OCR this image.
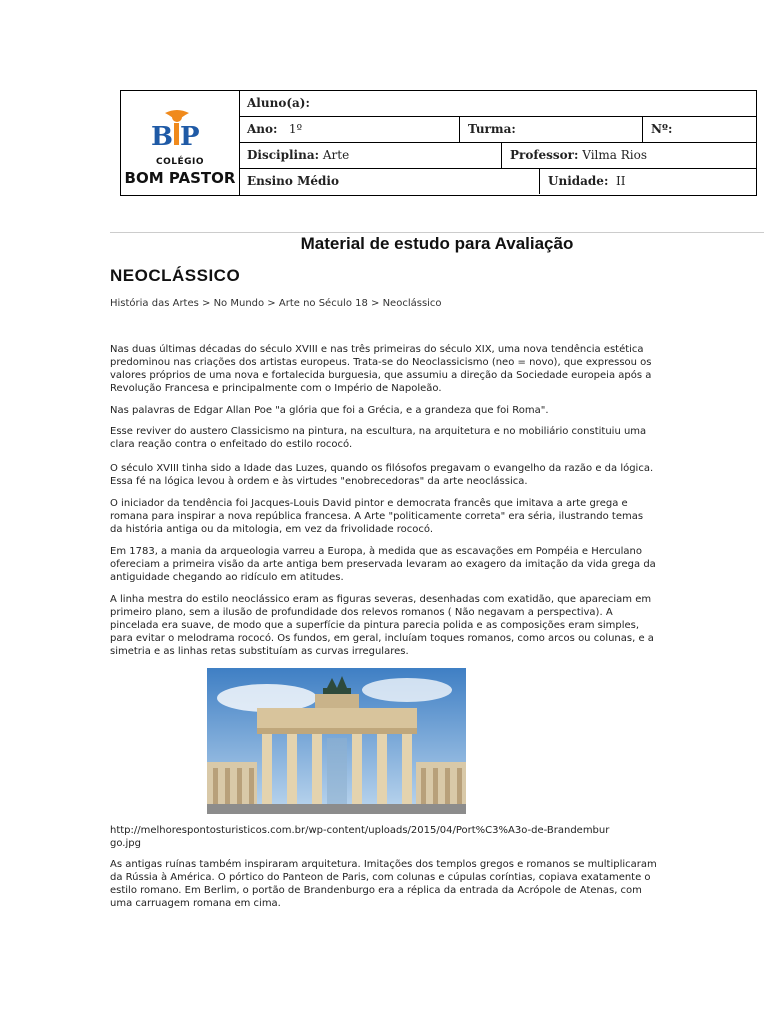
B P
COLÉGIO
BOM PASTOR
Aluno(a):
Ano: 1º	Turma:	Nº:
Disciplina: Arte	Professor: Vilma Rios
Ensino Médio	Unidade: II
Material de estudo para Avaliação
NEOCLÁSSICO
História das Artes > No Mundo > Arte no Século 18 > Neoclássico
Nas duas últimas décadas do século XVIII e nas três primeiras do século XIX, uma nova tendência estética predominou nas criações dos artistas europeus. Trata-se do Neoclassicismo (neo = novo), que expressou os valores próprios de uma nova e fortalecida burguesia, que assumiu a direção da Sociedade europeia após a Revolução Francesa e principalmente com o Império de Napoleão.
Nas palavras de Edgar Allan Poe "a glória que foi a Grécia, e a grandeza que foi Roma".
Esse reviver do austero Classicismo na pintura, na escultura, na arquitetura e no mobiliário constituiu uma clara reação contra o enfeitado do estilo rococó.
O século XVIII tinha sido a Idade das Luzes, quando os filósofos pregavam o evangelho da razão e da lógica. Essa fé na lógica levou à ordem e às virtudes "enobrecedoras" da arte neoclássica.
O iniciador da tendência foi Jacques-Louis David pintor e democrata francês que imitava a arte grega e romana para inspirar a nova república francesa. A Arte "politicamente correta" era séria, ilustrando temas da história antiga ou da mitologia, em vez da frivolidade rococó.
Em 1783, a mania da arqueologia varreu a Europa, à medida que as escavações em Pompéia e Herculano ofereciam a primeira visão da arte antiga bem preservada levaram ao exagero da imitação da vida grega da antiguidade chegando ao ridículo em atitudes.
A linha mestra do estilo neoclássico eram as figuras severas, desenhadas com exatidão, que apareciam em primeiro plano, sem a ilusão de profundidade dos relevos romanos ( Não negavam a perspectiva). A pincelada era suave, de modo que a superfície da pintura parecia polida e as composições eram simples, para evitar o melodrama rococó. Os fundos, em geral, incluíam toques romanos, como arcos ou colunas, e a simetria e as linhas retas substituíam as curvas irregulares.
http://melhorespontosturisticos.com.br/wp-content/uploads/2015/04/Port%C3%A3o-de-Brandemburgo.jpg
As antigas ruínas também inspiraram arquitetura. Imitações dos templos gregos e romanos se multiplicaram da Rússia à América. O pórtico do Panteon de Paris, com colunas e cúpulas coríntias, copiava exatamente o estilo romano. Em Berlim, o portão de Brandenburgo era a réplica da entrada da Acrópole de Atenas, com uma carruagem romana em cima.
